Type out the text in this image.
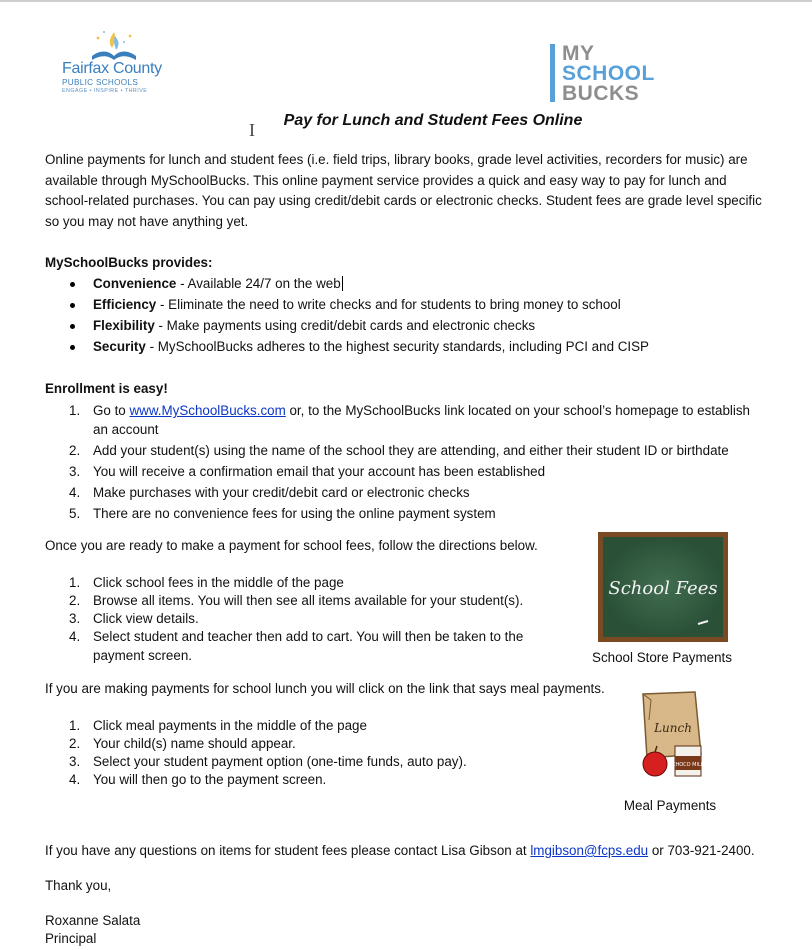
Fairfax County
PUBLIC SCHOOLS
ENGAGE • INSPIRE • THRIVE
MY
SCHOOL
BUCKS
I	Pay for Lunch and Student Fees Online

Online payments for lunch and student fees (i.e. field trips, library books, grade level activities, recorders for music) are available through MySchoolBucks. This online payment service provides a quick and easy way to pay for lunch and school-related purchases. You can pay using credit/debit cards or electronic checks. Student fees are grade level specific so you may not have anything yet.

MySchoolBucks provides:

Convenience - Available 24/7 on the web
Efficiency - Eliminate the need to write checks and for students to bring money to school
Flexibility - Make payments using credit/debit cards and electronic checks
Security - MySchoolBucks adheres to the highest security standards, including PCI and CISP

Enrollment is easy!

1. Go to www.MySchoolBucks.com or, to the MySchoolBucks link located on your school’s homepage to establish an account
2. Add your student(s) using the name of the school they are attending, and either their student ID or birthdate
3. You will receive a confirmation email that your account has been established
4. Make purchases with your credit/debit card or electronic checks
5. There are no convenience fees for using the online payment system

Once you are ready to make a payment for school fees, follow the directions below.

1. Click school fees in the middle of the page
2. Browse all items. You will then see all items available for your student(s).
3. Click view details.
4. Select student and teacher then add to cart. You will then be taken to the payment screen.
School Fees
School Store Payments

If you are making payments for school lunch you will click on the link that says meal payments.

1. Click meal payments in the middle of the page
2. Your child(s) name should appear.
3. Select your student payment option (one-time funds, auto pay).
4. You will then go to the payment screen.
Lunch
CHOCO MILK
Meal Payments

If you have any questions on items for student fees please contact Lisa Gibson at lmgibson@fcps.edu or 703-921-2400.

Thank you,

Roxanne Salata

Principal
